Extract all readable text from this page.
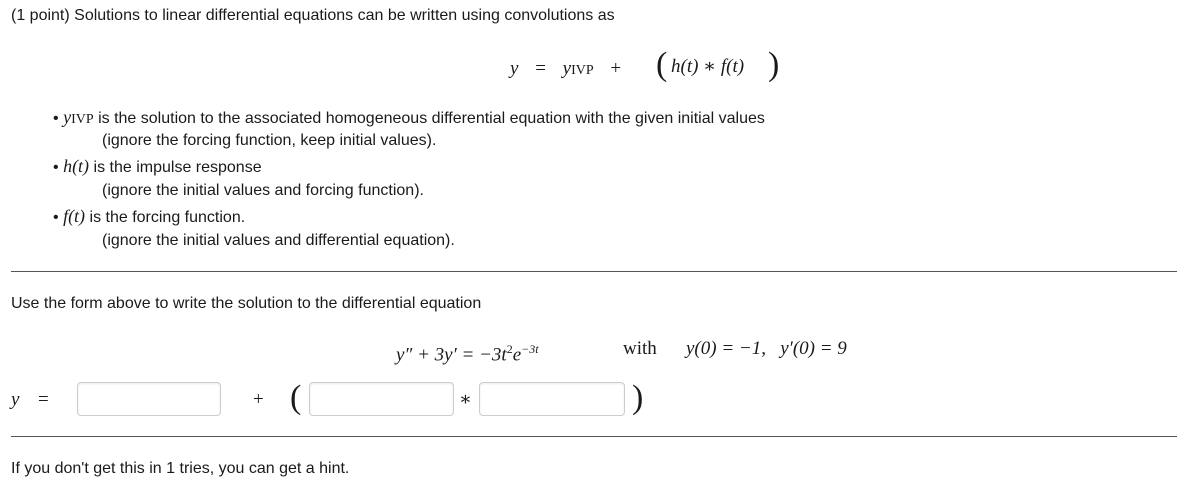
(1 point) Solutions to linear differential equations can be written using convolutions as
y = yIVP +	( h(t) ∗ f(t) )
• yIVP is the solution to the associated homogeneous differential equation with the given initial values
(ignore the forcing function, keep initial values).
• h(t) is the impulse response
(ignore the initial values and forcing function).
• f(t) is the forcing function.
(ignore the initial values and differential equation).
Use the form above to write the solution to the differential equation
$y'' + 3y' = -3t^2e^{-3t}$	with y(0) = −1,   y′(0) = 9
y =	+ (	∗	)
If you don't get this in 1 tries, you can get a hint.
